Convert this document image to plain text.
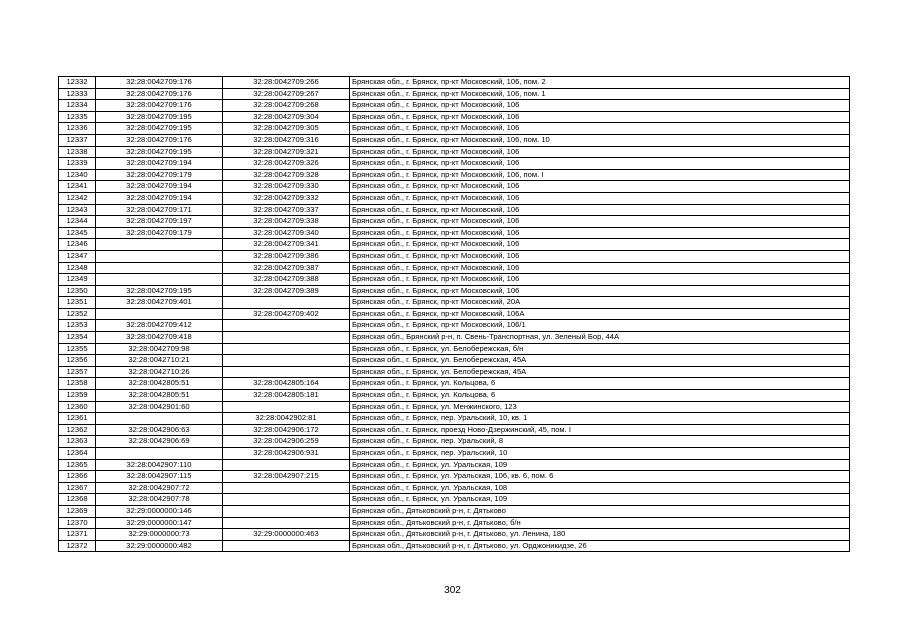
12332	32:28:0042709:176	32:28:0042709:266	Брянская обл., г. Брянск, пр-кт Московский, 106, пом. 2
12333	32:28:0042709:176	32:28:0042709:267	Брянская обл., г. Брянск, пр-кт Московский, 106, пом. 1
12334	32:28:0042709:176	32:28:0042709:268	Брянская обл., г. Брянск, пр-кт Московский, 106
12335	32:28:0042709:195	32:28:0042709:304	Брянская обл., г. Брянск, пр-кт Московский, 106
12336	32:28:0042709:195	32:28:0042709:305	Брянская обл., г. Брянск, пр-кт Московский, 106
12337	32:28:0042709:176	32:28:0042709:316	Брянская обл., г. Брянск, пр-кт Московский, 106, пом. 10
12338	32:28:0042709:195	32:28:0042709:321	Брянская обл., г. Брянск, пр-кт Московский, 106
12339	32:28:0042709:194	32:28:0042709:326	Брянская обл., г. Брянск, пр-кт Московский, 106
12340	32:28:0042709:179	32:28:0042709:328	Брянская обл., г. Брянск, пр-кт Московский, 106, пом. I
12341	32:28:0042709:194	32:28:0042709:330	Брянская обл., г. Брянск, пр-кт Московский, 106
12342	32:28:0042709:194	32:28:0042709:332	Брянская обл., г. Брянск, пр-кт Московский, 106
12343	32:28:0042709:171	32:28:0042709:337	Брянская обл., г. Брянск, пр-кт Московский, 106
12344	32:28:0042709:197	32:28:0042709:338	Брянская обл., г. Брянск, пр-кт Московский, 106
12345	32:28:0042709:179	32:28:0042709:340	Брянская обл., г. Брянск, пр-кт Московский, 106
12346		32:28:0042709:341	Брянская обл., г. Брянск, пр-кт Московский, 106
12347		32:28:0042709:386	Брянская обл., г. Брянск, пр-кт Московский, 106
12348		32:28:0042709:387	Брянская обл., г. Брянск, пр-кт Московский, 106
12349		32:28:0042709:388	Брянская обл., г. Брянск, пр-кт Московский, 106
12350	32:28:0042709:195	32:28:0042709:389	Брянская обл., г. Брянск, пр-кт Московский, 106
12351	32:28:0042709:401		Брянская обл., г. Брянск, пр-кт Московский, 20А
12352		32:28:0042709:402	Брянская обл., г. Брянск, пр-кт Московский, 106А
12353	32:28:0042709:412		Брянская обл., г. Брянск, пр-кт Московский, 106/1
12354	32:28:0042709:418		Брянская обл., Брянский р-н, п. Свень-Транспортная, ул. Зеленый Бор, 44А
12355	32:28:0042709:98		Брянская обл., г. Брянск, ул. Белобережская, б/н
12356	32:28:0042710:21		Брянская обл., г. Брянск, ул. Белобережская, 45А
12357	32:28:0042710:26		Брянская обл., г. Брянск, ул. Белобережская, 45А
12358	32:28:0042805:51	32:28:0042805:164	Брянская обл., г. Брянск, ул. Кольцова, 6
12359	32:28:0042805:51	32:28:0042805:181	Брянская обл., г. Брянск, ул. Кольцова, 6
12360	32:28:0042901:60		Брянская обл., г. Брянск, ул. Менжинского, 123
12361		32:28:0042902:81	Брянская обл., г. Брянск, пер. Уральский, 10, кв. 1
12362	32:28:0042906:63	32:28:0042906:172	Брянская обл., г. Брянск, проезд Ново-Дзержинский, 45, пом. I
12363	32:28:0042906:69	32:28:0042906:259	Брянская обл., г. Брянск, пер. Уральский, 8
12364		32:28:0042906:931	Брянская обл., г. Брянск, пер. Уральский, 10
12365	32:28:0042907:110		Брянская обл., г. Брянск, ул. Уральская, 109
12366	32:28:0042907:115	32:28:0042907:215	Брянская обл., г. Брянск, ул. Уральская, 106, кв. 6, пом. 6
12367	32:28:0042907:72		Брянская обл., г. Брянск, ул. Уральская, 108
12368	32:28:0042907:78		Брянская обл., г. Брянск, ул. Уральская, 109
12369	32:29:0000000:146		Брянская обл., Дятьковский р-н, г. Дятьково
12370	32:29:0000000:147		Брянская обл., Дятьковский р-н, г. Дятьково, б/н
12371	32:29:0000000:73	32:29:0000000:463	Брянская обл., Дятьковский р-н, г. Дятьково, ул. Ленина, 180
12372	32:29:0000000:482		Брянская обл., Дятьковский р-н, г. Дятьково, ул. Орджоникидзе, 26
302
